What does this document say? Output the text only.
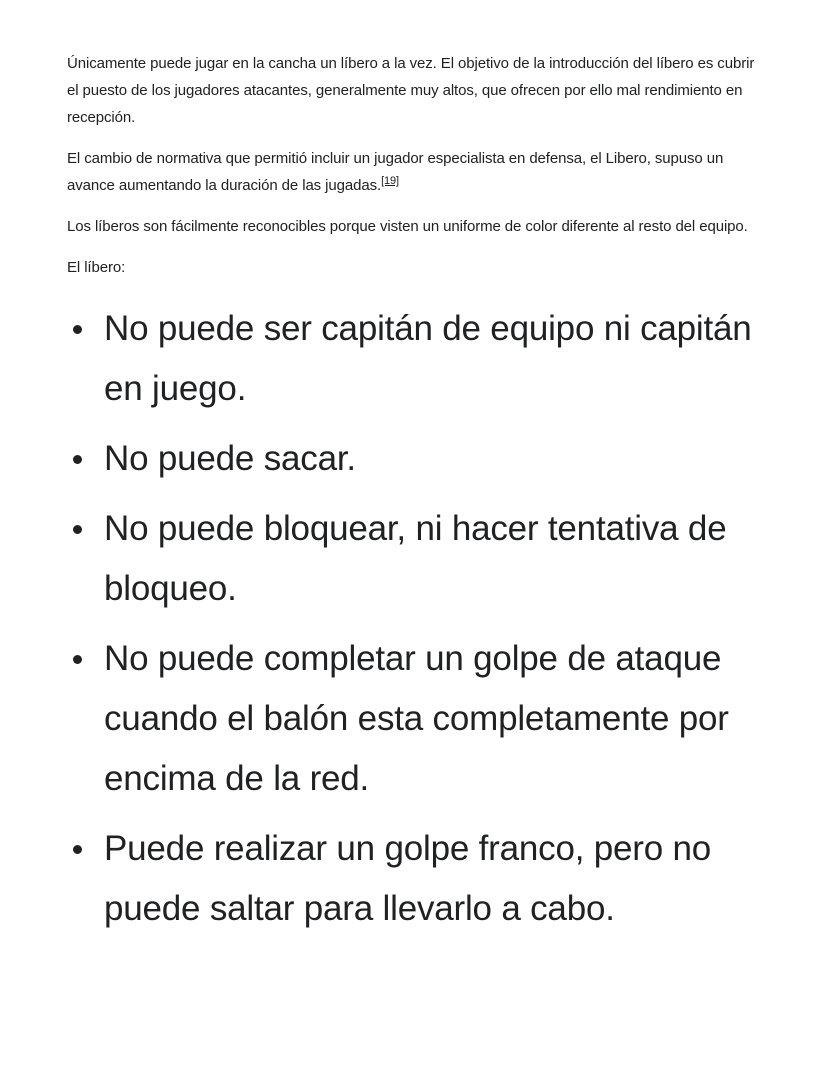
Únicamente puede jugar en la cancha un líbero a la vez. El objetivo de la introducción del líbero es cubrir el puesto de los jugadores atacantes, generalmente muy altos, que ofrecen por ello mal rendimiento en recepción.

El cambio de normativa que permitió incluir un jugador especialista en defensa, el Libero, supuso un avance aumentando la duración de las jugadas.[19]

Los líberos son fácilmente reconocibles porque visten un uniforme de color diferente al resto del equipo.

El líbero:

No puede ser capitán de equipo ni capitán en juego.
No puede sacar.
No puede bloquear, ni hacer tentativa de bloqueo.
No puede completar un golpe de ataque cuando el balón esta completamente por encima de la red.
Puede realizar un golpe franco, pero no puede saltar para llevarlo a cabo.
